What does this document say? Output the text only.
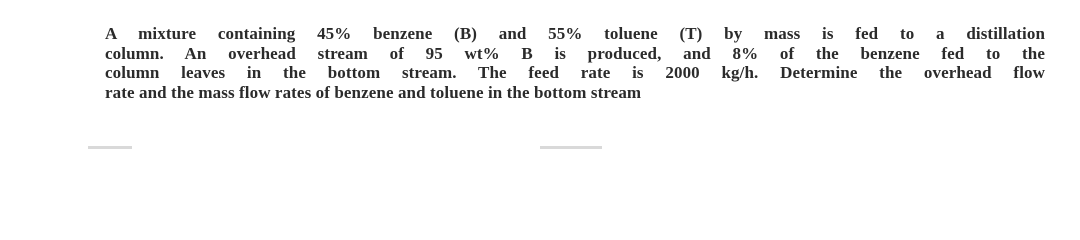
A mixture containing 45% benzene (B) and 55% toluene (T) by mass is fed to a distillation
column. An overhead stream of 95 wt% B is produced, and 8% of the benzene fed to the
column leaves in the bottom stream. The feed rate is 2000 kg/h. Determine the overhead flow
rate and the mass flow rates of benzene and toluene in the bottom stream
